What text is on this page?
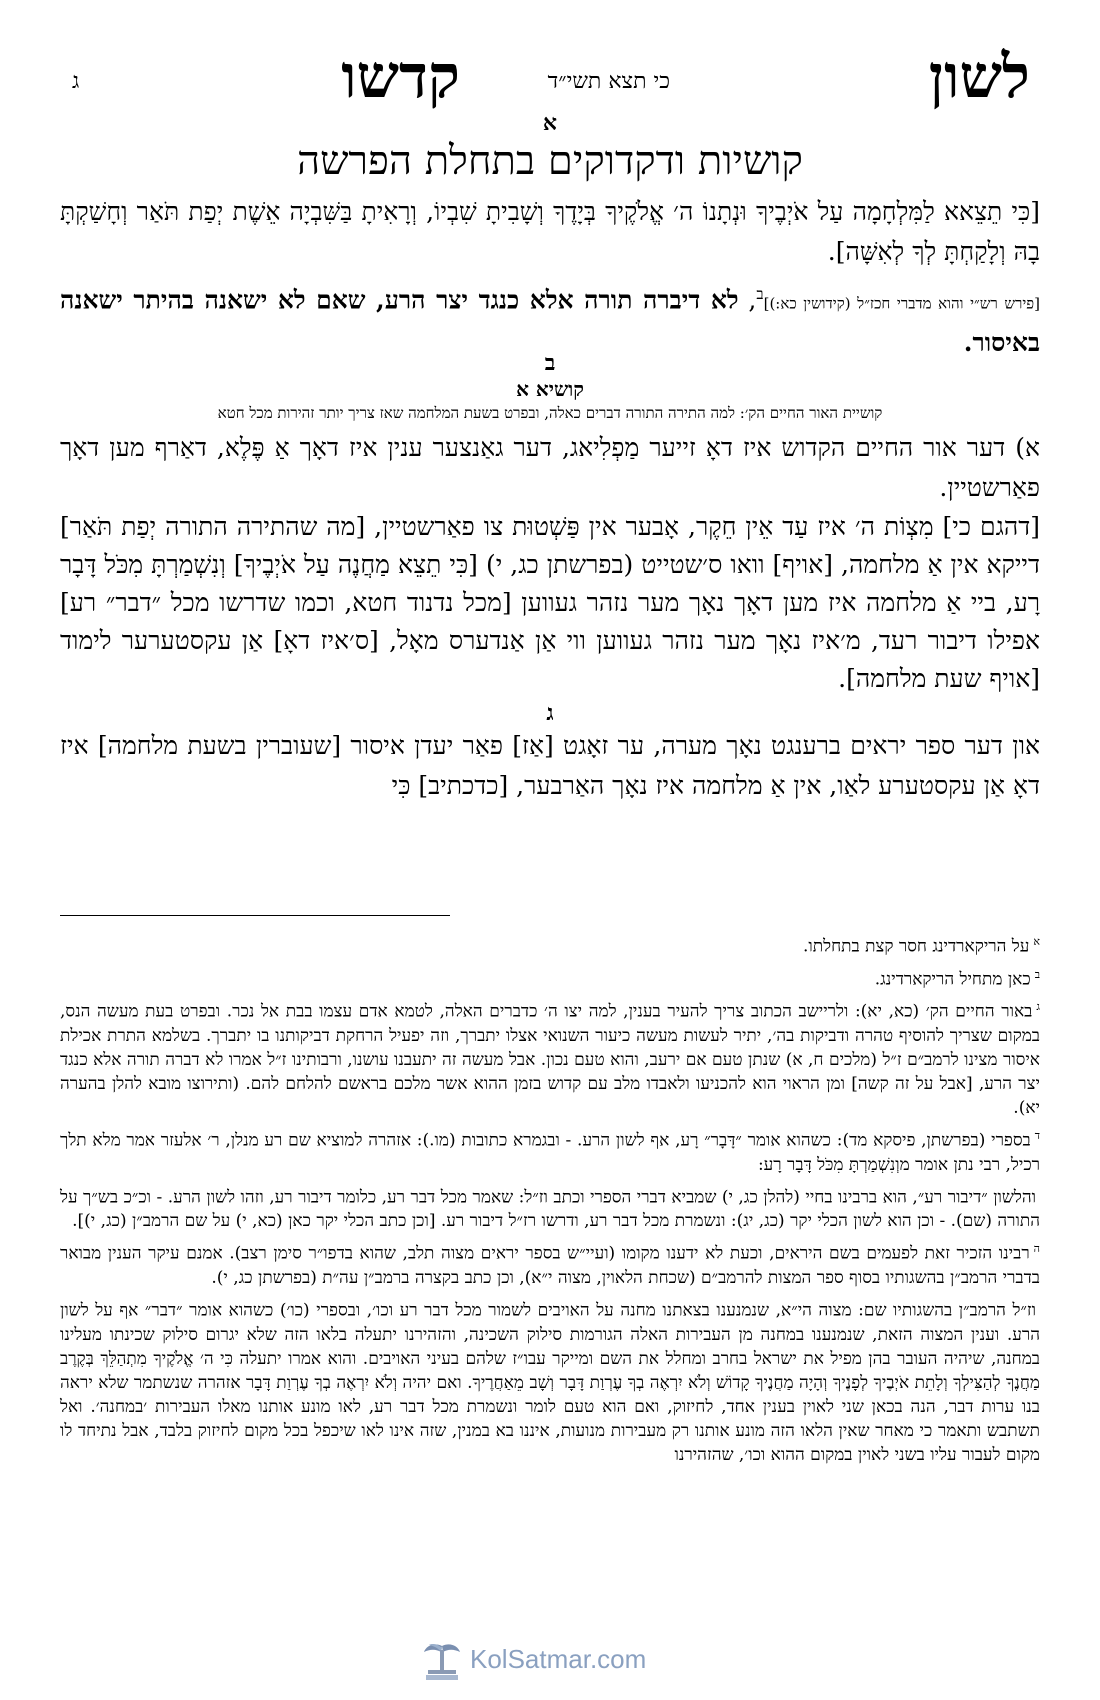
לשון
קדשו	כי תצא תשי״ד
ג

א

קושיות ודקדוקים בתחלת הפרשה

[כִּי תֵצֵאא לַמִּלְחָמָה עַל אֹיְבֶיךָ וּנְתָנוֹ ה׳ אֱלֹקֶיךָ בְּיָדֶךָ וְשָׁבִיתָ שִׁבְיוֹ, וְרָאִיתָ בַּשִּׁבְיָה אֵשֶׁת יְפַת תֹּאַר וְחָשַׁקְתָּ בָהּ וְלָקַחְתָּ לְךָ לְאִשָּׁה].

[פירש רש״י והוא מדברי חכז״ל (קידושין כא:)]$^ב$, לא דיברה תורה אלא כנגד יצר הרע, שאם לא ישאנה בהיתר ישאנה באיסור.

ב

קושיא א

קושיית האור החיים הק׳: למה התירה התורה דברים כאלה, ובפרט בשעת המלחמה שאז צריך יותר זהירות מכל חטא

א) דער אור החיים הקדוש איז דאָ זייער מַפְלִיאג, דער גאַנצער ענין איז דאָך אַ פֶּלֶא, דאַרף מען דאָך פאַרשטיין.

[דהגם כי] מִצְוֹת ה׳ איז עַד אֵין חֵקֶר, אָבער אין פַּשְׁטוּת צו פאַרשטיין, [מה שהתירה התורה יְפַת תֹּאַר] דייקא אין אַ מלחמה, [אויף] וואו ס׳שטייט (בפרשתן כג, י) [כִּי תֵצֵא מַחֲנֶה עַל אֹיְבֶיךָ] וְנִשְׁמַרְתָּ מִכֹּל דָּבָר רָע, ביי אַ מלחמה איז מען דאָך נאָך מער נזהר געווען [מכל נדנוד חטא, וכמו שדרשו מכל ״דבר״ רע] אפילו דיבור רעד, מ׳איז נאָך מער נזהר געווען ווי אַן אַנדערס מאָל, [ס׳איז דאָ] אַן עקסטערער לימוד [אויף שעת מלחמה].

ג

און דער ספר יראים ברענגט נאָך מערה, ער זאָגט [אַז] פאַר יעדן איסור [שעוברין בשעת מלחמה] איז דאָ אַן עקסטערע לאַו, אין אַ מלחמה איז נאָך האַרבער, [כדכתיב] כִּי

$^א$על הריקארדינג חסר קצת בתחלתו.

$^ב$כאן מתחיל הריקארדינג.

$^ג$באור החיים הק׳ (כא, יא): ולריישב הכתוב צריך להעיר בענין, למה יצו ה׳ כדברים האלה, לטמא אדם עצמו בבת אל נכר. ובפרט בעת מעשה הנס, במקום שצריך להוסיף טהרה ודביקות בה׳, יתיר לעשות מעשה כיעור השנואי אצלו יתברך, וזה יפעיל הרחקת דביקותנו בו יתברך. בשלמא התרת אכילת איסור מצינו לרמב״ם ז״ל (מלכים ח, א) שנתן טעם אם ירעב, והוא טעם נכון. אבל מעשה זה יתעבנו עושנו, ורבותינו ז״ל אמרו לא דברה תורה אלא כנגד יצר הרע, [אבל על זה קשה] ומן הראוי הוא להכניעו ולאבדו מלב עם קדוש בזמן ההוא אשר מלכם בראשם להלחם להם. (ותירוצו מובא להלן בהערה יא).

$^ד$בספרי (בפרשתן, פיסקא מד): כשהוא אומר ״דָּבָר״ רָע, אף לשון הרע. - ובגמרא כתובות (מו.): אזהרה למוציא שם רע מנלן, ר׳ אלעזר אמר מלא תלך רכיל, רבי נתן אומר מוְנִשְׁמַרְתָּ מִכֹּל דָּבָר רָע:

והלשון ״דיבור רע״, הוא ברבינו בחיי (להלן כג, י) שמביא דברי הספרי וכתב וז״ל: שאמר מכל דבר רע, כלומר דיבור רע, וזהו לשון הרע. - וכ״כ בש״ך על התורה (שם). - וכן הוא לשון הכלי יקר (כג, יג): ונשמרת מכל דבר רע, ודרשו רז״ל דיבור רע. [וכן כתב הכלי יקר כאן (כא, י) על שם הרמב״ן (כג, י)].

$^ה$רבינו הזכיר זאת לפעמים בשם היראים, וכעת לא ידענו מקומו (ועיי״ש בספר יראים מצוה תלב, שהוא בדפו״ר סימן רצב). אמנם עיקר הענין מבואר בדברי הרמב״ן בהשגותיו בסוף ספר המצות להרמב״ם (שכחת הלאוין, מצוה י״א), וכן כתב בקצרה ברמב״ן עה״ת (בפרשתן כג, י).

וז״ל הרמב״ן בהשגותיו שם: מצוה הי״א, שנמנענו בצאתנו מחנה על האויבים לשמור מכל דבר רע וכו׳, ובספרי (כו׳) כשהוא אומר ״דבר״ אף על לשון הרע. וענין המצוה הזאת, שנמנענו במחנה מן העבירות האלה הגורמות סילוק השכינה, והזהירנו יתעלה בלאו הזה שלא יגרום סילוק שכינתו מעלינו במחנה, שיהיה העובר בהן מפיל את ישראל בחרב ומחלל את השם ומייקר עבו״ז שלהם בעיני האויבים. והוא אמרו יתעלה כִּי ה׳ אֱלֹקֶיךָ מִתְהַלֵּךְ בְּקֶרֶב מַחֲנֶךָ לְהַצִּילְךָ וְלָתֵת אֹיְבֶיךָ לְפָנֶיךָ וְהָיָה מַחֲנֶיךָ קָדוֹשׁ וְלֹא יִרְאֶה בְךָ עֶרְוַת דָּבָר וְשָׁב מֵאַחֲרֶיךָ. ואם יהיה וְלֹא יִרְאֶה בְךָ עֶרְוַת דָּבָר אזהרה שנשתמר שלא יראה בנו ערות דבר, הנה בכאן שני לאוין בענין אחד, לחיזוק, ואם הוא טעם לומר ונשמרת מכל דבר רע, לאו מונע אותנו מאלו העבירות ׳במחנה׳. ואל תשתבש ותאמר כי מאחר שאין הלאו הזה מונע אותנו רק מעבירות מנועות, איננו בא במנין, שזה אינו לאו שיכפל בכל מקום לחיזוק בלבד, אבל נתיחד לו מקום לעבור עליו בשני לאוין במקום ההוא וכו׳, שהזהירנו

KolSatmar.com
